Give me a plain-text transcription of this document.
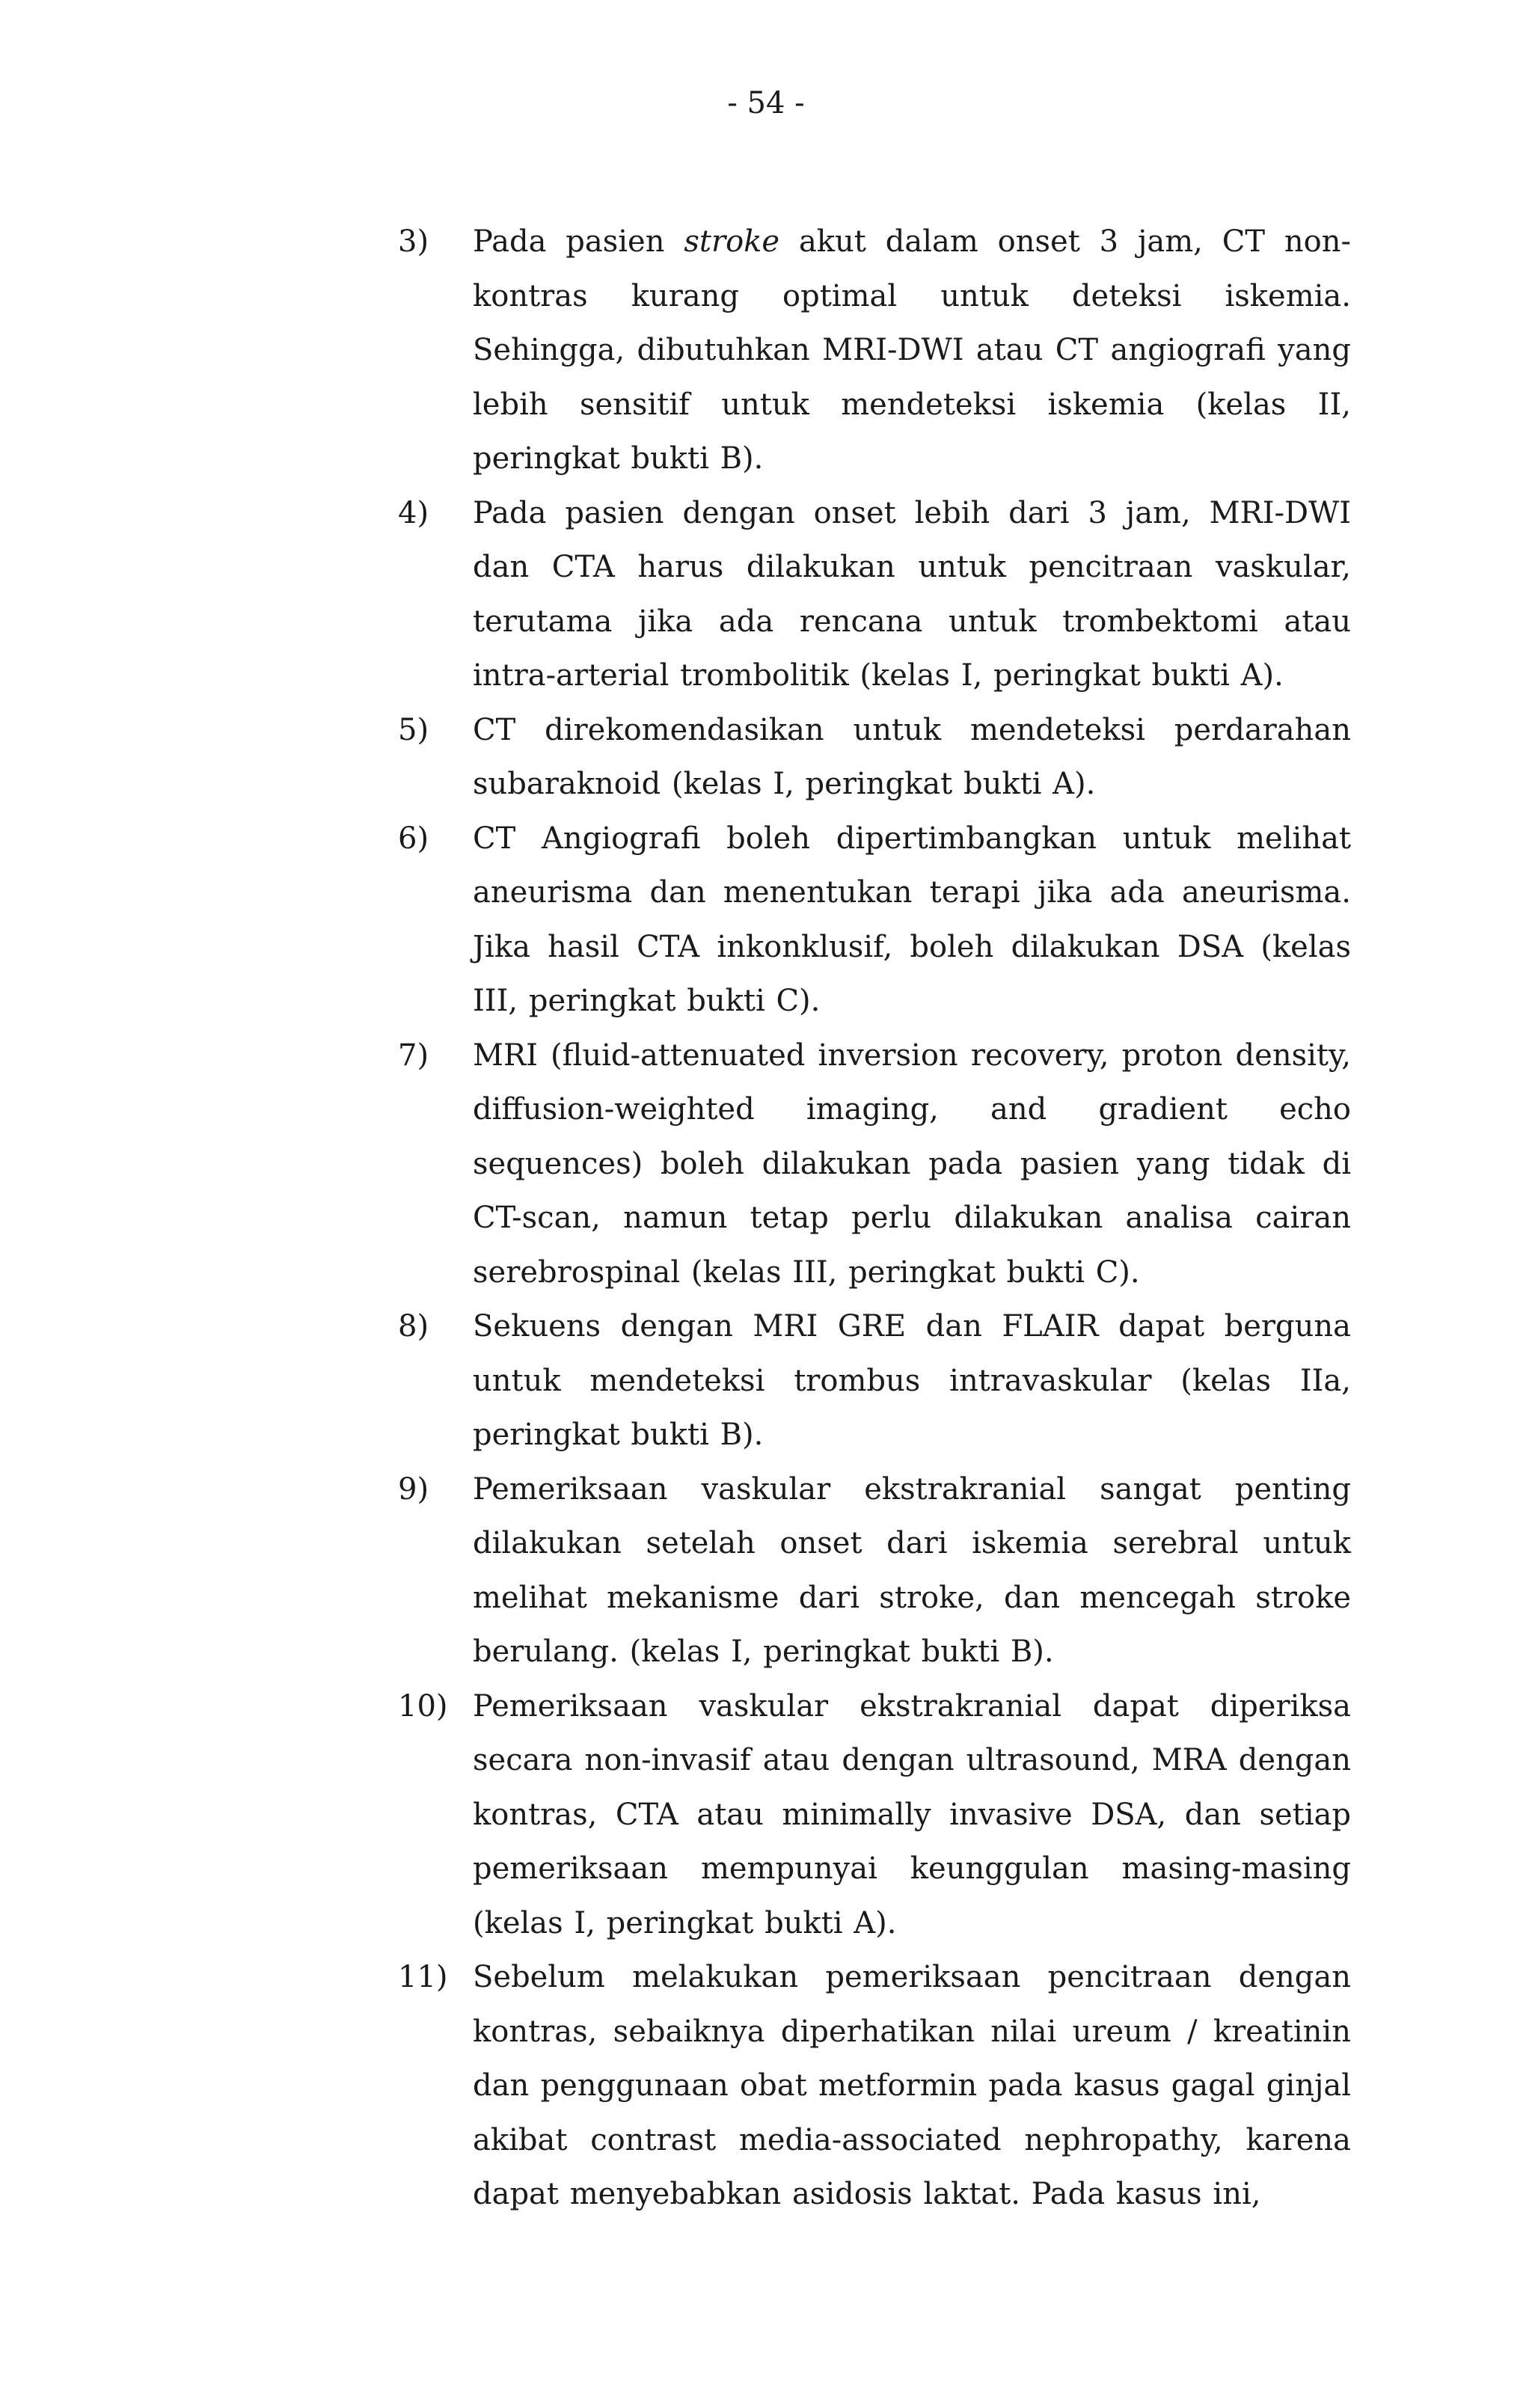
- 54 -
3)	Pada pasien stroke akut dalam onset 3 jam, CT non-kontras kurang optimal untuk deteksi iskemia. Sehingga, dibutuhkan MRI-DWI atau CT angiografi yang lebih sensitif untuk mendeteksi iskemia (kelas II, peringkat bukti B).
4)	Pada pasien dengan onset lebih dari 3 jam, MRI-DWI dan CTA harus dilakukan untuk pencitraan vaskular, terutama jika ada rencana untuk trombektomi atau intra-arterial trombolitik (kelas I, peringkat bukti A).
5)	CT direkomendasikan untuk mendeteksi perdarahan subaraknoid (kelas I, peringkat bukti A).
6)	CT Angiografi boleh dipertimbangkan untuk melihat aneurisma dan menentukan terapi jika ada aneurisma. Jika hasil CTA inkonklusif, boleh dilakukan DSA (kelas III, peringkat bukti C).
7)	MRI (fluid-attenuated inversion recovery, proton density, diffusion-weighted imaging, and gradient echo sequences) boleh dilakukan pada pasien yang tidak di CT-scan, namun tetap perlu dilakukan analisa cairan serebrospinal (kelas III, peringkat bukti C).
8)	Sekuens dengan MRI GRE dan FLAIR dapat berguna untuk mendeteksi trombus intravaskular (kelas IIa, peringkat bukti B).
9)	Pemeriksaan vaskular ekstrakranial sangat penting dilakukan setelah onset dari iskemia serebral untuk melihat mekanisme dari stroke, dan mencegah stroke berulang. (kelas I, peringkat bukti B).
10) Pemeriksaan vaskular ekstrakranial dapat diperiksa secara non-invasif atau dengan ultrasound, MRA dengan kontras, CTA atau minimally invasive DSA, dan setiap pemeriksaan mempunyai keunggulan masing-masing (kelas I, peringkat bukti A).
11) Sebelum melakukan pemeriksaan pencitraan dengan kontras, sebaiknya diperhatikan nilai ureum / kreatinin dan penggunaan obat metformin pada kasus gagal ginjal akibat contrast media-associated nephropathy, karena dapat menyebabkan asidosis laktat. Pada kasus ini,
